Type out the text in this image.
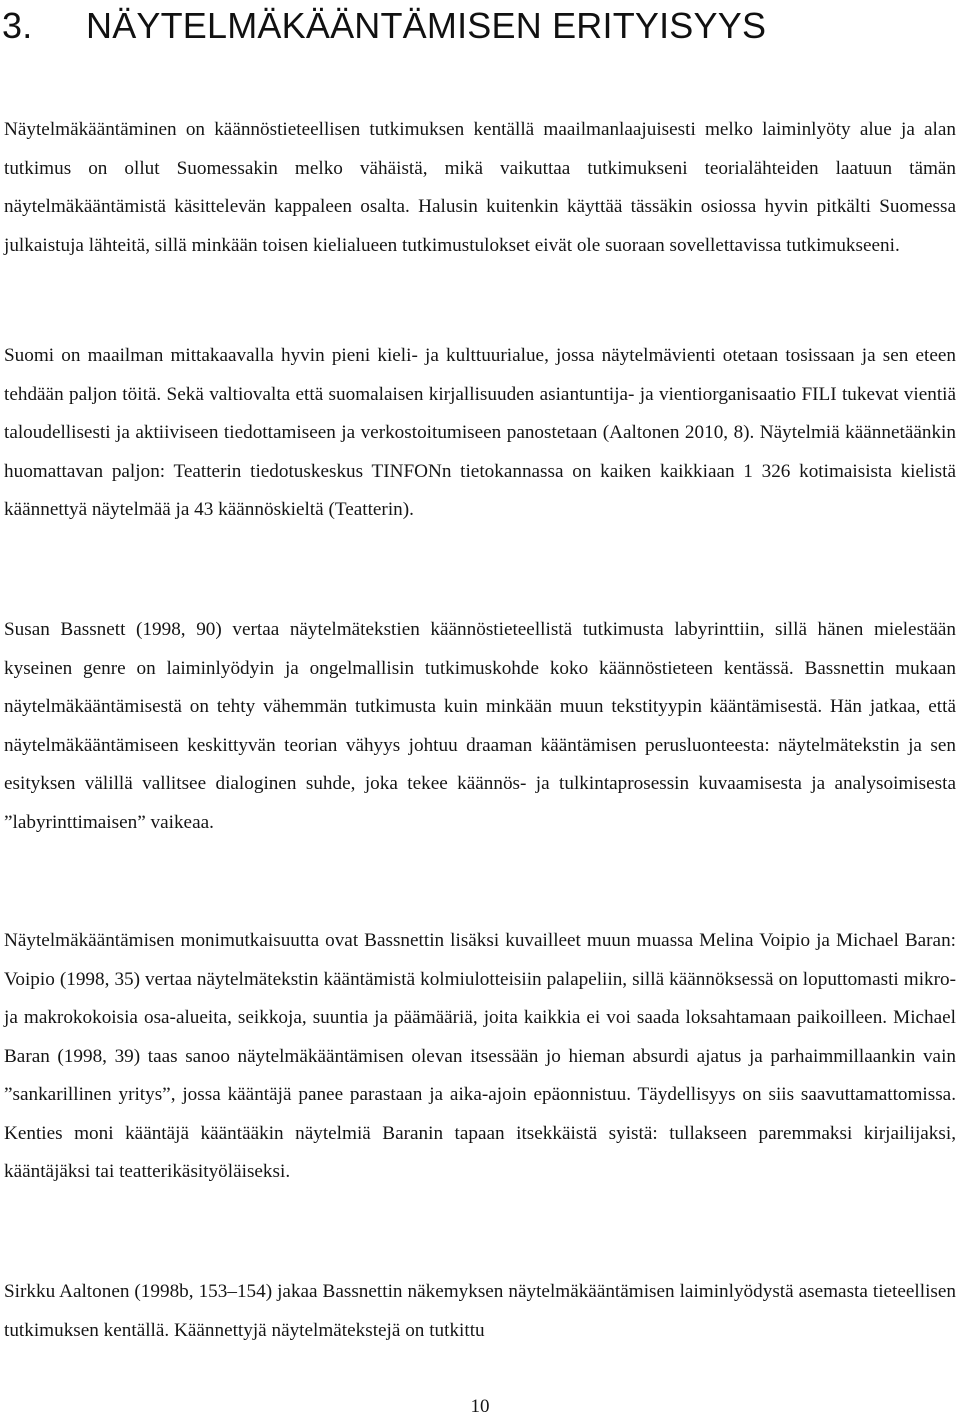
3. NÄYTELMÄKÄÄNTÄMISEN ERITYISYYS

Näytelmäkääntäminen on käännöstieteellisen tutkimuksen kentällä maailmanlaajuisesti melko laiminlyöty alue ja alan tutkimus on ollut Suomessakin melko vähäistä, mikä vaikuttaa tutkimukseni teorialähteiden laatuun tämän näytelmäkääntämistä käsittelevän kappaleen osalta. Halusin kuitenkin käyttää tässäkin osiossa hyvin pitkälti Suomessa julkaistuja lähteitä, sillä minkään toisen kielialueen tutkimustulokset eivät ole suoraan sovellettavissa tutkimukseeni.

Suomi on maailman mittakaavalla hyvin pieni kieli- ja kulttuurialue, jossa näytelmävienti otetaan tosissaan ja sen eteen tehdään paljon töitä. Sekä valtiovalta että suomalaisen kirjallisuuden asiantuntija- ja vientiorganisaatio FILI tukevat vientiä taloudellisesti ja aktiiviseen tiedottamiseen ja verkostoitumiseen panostetaan (Aaltonen 2010, 8). Näytelmiä käännetäänkin huomattavan paljon: Teatterin tiedotuskeskus TINFONn tietokannassa on kaiken kaikkiaan 1 326 kotimaisista kielistä käännettyä näytelmää ja 43 käännöskieltä (Teatterin).

Susan Bassnett (1998, 90) vertaa näytelmätekstien käännöstieteellistä tutkimusta labyrinttiin, sillä hänen mielestään kyseinen genre on laiminlyödyin ja ongelmallisin tutkimuskohde koko käännöstieteen kentässä. Bassnettin mukaan näytelmäkääntämisestä on tehty vähemmän tutkimusta kuin minkään muun tekstityypin kääntämisestä. Hän jatkaa, että näytelmäkääntämiseen keskittyvän teorian vähyys johtuu draaman kääntämisen perusluonteesta: näytelmätekstin ja sen esityksen välillä vallitsee dialoginen suhde, joka tekee käännös- ja tulkintaprosessin kuvaamisesta ja analysoimisesta ”labyrinttimaisen” vaikeaa.

Näytelmäkääntämisen monimutkaisuutta ovat Bassnettin lisäksi kuvailleet muun muassa Melina Voipio ja Michael Baran: Voipio (1998, 35) vertaa näytelmätekstin kääntämistä kolmiulotteisiin palapeliin, sillä käännöksessä on loputtomasti mikro- ja makrokokoisia osa-alueita, seikkoja, suuntia ja päämääriä, joita kaikkia ei voi saada loksahtamaan paikoilleen. Michael Baran (1998, 39) taas sanoo näytelmäkääntämisen olevan itsessään jo hieman absurdi ajatus ja parhaimmillaankin vain ”sankarillinen yritys”, jossa kääntäjä panee parastaan ja aika-ajoin epäonnistuu. Täydellisyys on siis saavuttamattomissa. Kenties moni kääntäjä kääntääkin näytelmiä Baranin tapaan itsekkäistä syistä: tullakseen paremmaksi kirjailijaksi, kääntäjäksi tai teatterikäsityöläiseksi.

Sirkku Aaltonen (1998b, 153–154) jakaa Bassnettin näkemyksen näytelmäkääntämisen laiminlyödystä asemasta tieteellisen tutkimuksen kentällä. Käännettyjä näytelmätekstejä on tutkittu

10
